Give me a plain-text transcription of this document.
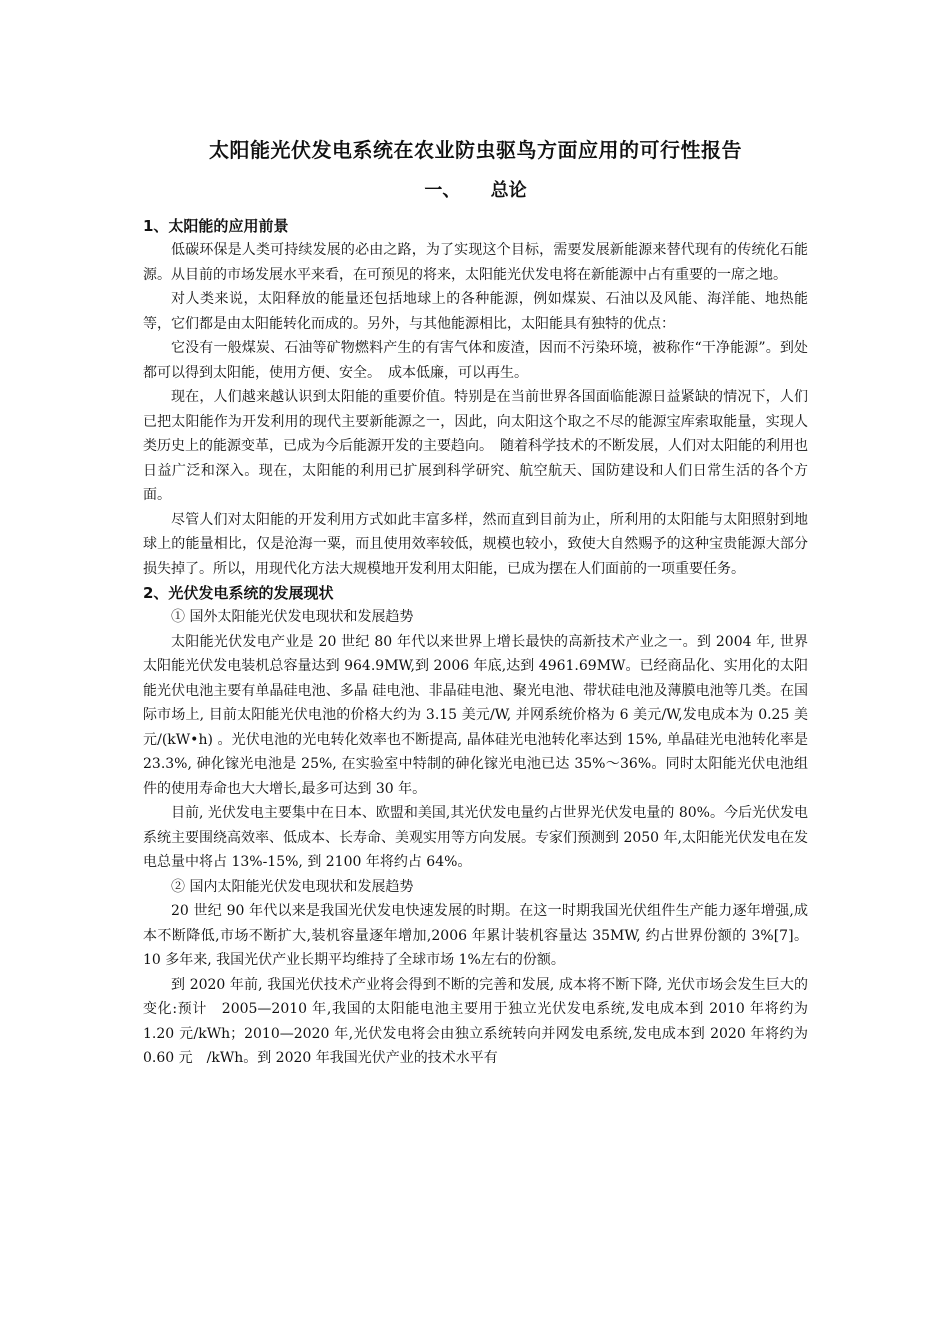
太阳能光伏发电系统在农业防虫驱鸟方面应用的可行性报告
一、 总论
1、太阳能的应用前景

低碳环保是人类可持续发展的必由之路，为了实现这个目标，需要发展新能源来替代现有的传统化石能源。从目前的市场发展水平来看，在可预见的将来，太阳能光伏发电将在新能源中占有重要的一席之地。

对人类来说，太阳释放的能量还包括地球上的各种能源，例如煤炭、石油以及风能、海洋能、地热能等，它们都是由太阳能转化而成的。另外，与其他能源相比，太阳能具有独特的优点：

它没有一般煤炭、石油等矿物燃料产生的有害气体和废渣，因而不污染环境，被称作“干净能源”。到处都可以得到太阳能，使用方便、安全。　成本低廉，可以再生。

现在，人们越来越认识到太阳能的重要价值。特别是在当前世界各国面临能源日益紧缺的情况下，人们已把太阳能作为开发利用的现代主要新能源之一，因此，向太阳这个取之不尽的能源宝库索取能量，实现人类历史上的能源变革，已成为今后能源开发的主要趋向。　随着科学技术的不断发展，人们对太阳能的利用也日益广泛和深入。现在，太阳能的利用已扩展到科学研究、航空航天、国防建设和人们日常生活的各个方面。

尽管人们对太阳能的开发利用方式如此丰富多样，然而直到目前为止，所利用的太阳能与太阳照射到地球上的能量相比，仅是沧海一粟，而且使用效率较低，规模也较小，致使大自然赐予的这种宝贵能源大部分损失掉了。所以，用现代化方法大规模地开发利用太阳能，已成为摆在人们面前的一项重要任务。

2、光伏发电系统的发展现状
① 国外太阳能光伏发电现状和发展趋势

太阳能光伏发电产业是 20 世纪 80 年代以来世界上增长最快的高新技术产业之一。到 2004 年, 世界太阳能光伏发电装机总容量达到 964.9MW,到 2006 年底,达到 4961.69MW。已经商品化、实用化的太阳能光伏电池主要有单晶硅电池、多晶 硅电池、非晶硅电池、聚光电池、带状硅电池及薄膜电池等几类。在国际市场上, 目前太阳能光伏电池的价格大约为 3.15 美元/W, 并网系统价格为 6 美元/W,发电成本为 0.25 美元/(kW•h) 。光伏电池的光电转化效率也不断提高, 晶体硅光电池转化率达到 15%, 单晶硅光电池转化率是 23.3%, 砷化镓光电池是 25%, 在实验室中特制的砷化镓光电池已达 35%～36%。同时太阳能光伏电池组件的使用寿命也大大增长,最多可达到 30 年。

目前, 光伏发电主要集中在日本、欧盟和美国,其光伏发电量约占世界光伏发电量的 80%。今后光伏发电系统主要围绕高效率、低成本、长寿命、美观实用等方向发展。专家们预测到 2050 年,太阳能光伏发电在发电总量中将占 13%-15%, 到 2100 年将约占 64%。

② 国内太阳能光伏发电现状和发展趋势

20 世纪 90 年代以来是我国光伏发电快速发展的时期。在这一时期我国光伏组件生产能力逐年增强,成本不断降低,市场不断扩大,装机容量逐年增加,2006 年累计装机容量达 35MW, 约占世界份额的 3%[7]。10 多年来, 我国光伏产业长期平均维持了全球市场 1%左右的份额。

到 2020 年前, 我国光伏技术产业将会得到不断的完善和发展, 成本将不断下降, 光伏市场会发生巨大的变化:预计　2005—2010 年,我国的太阳能电池主要用于独立光伏发电系统,发电成本到 2010 年将约为 1.20 元/kWh；2010—2020 年,光伏发电将会由独立系统转向并网发电系统,发电成本到 2020 年将约为 0.60 元　/kWh。到 2020 年我国光伏产业的技术水平有
